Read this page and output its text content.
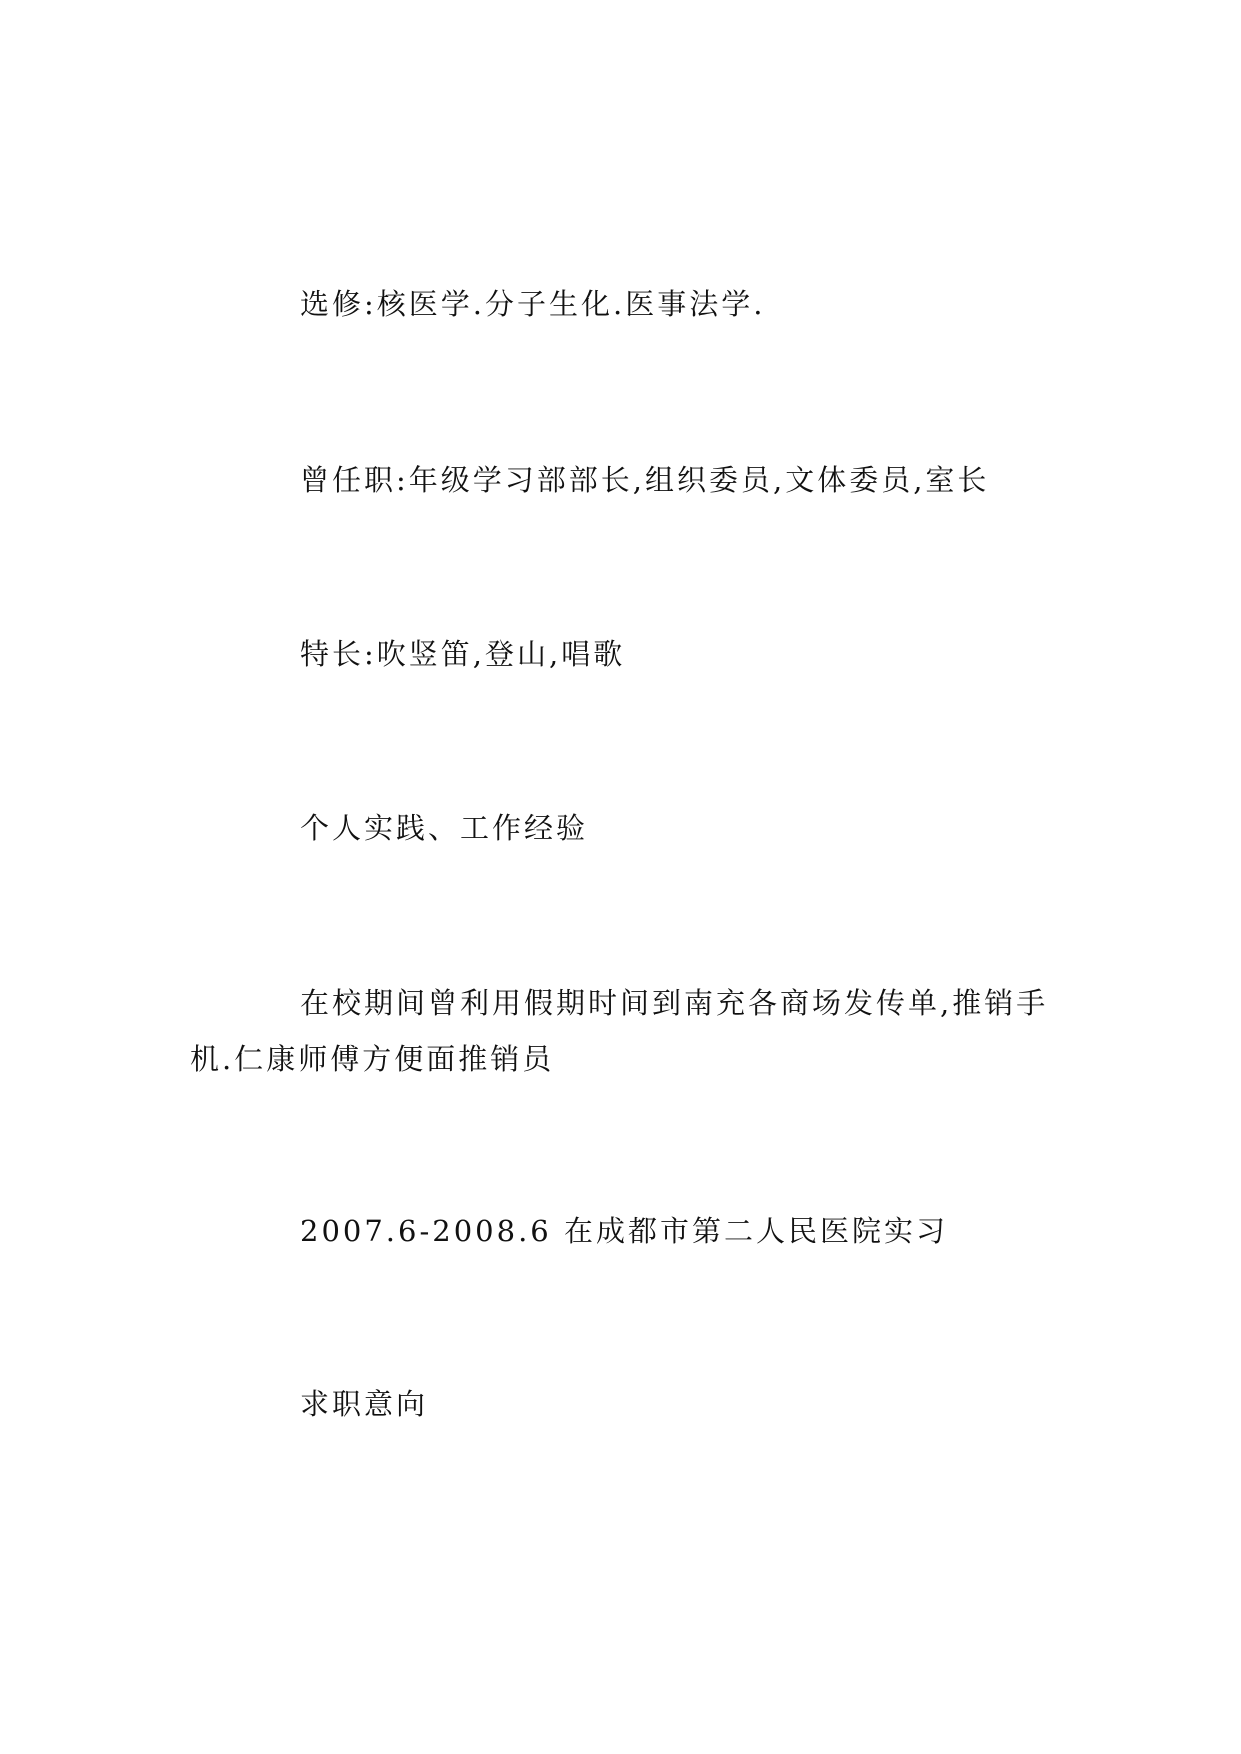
选修:核医学.分子生化.医事法学.

曾任职:年级学习部部长,组织委员,文体委员,室长

特长:吹竖笛,登山,唱歌

个人实践、工作经验

在校期间曾利用假期时间到南充各商场发传单,推销手机.仁康师傅方便面推销员

2007.6-2008.6 在成都市第二人民医院实习

求职意向
